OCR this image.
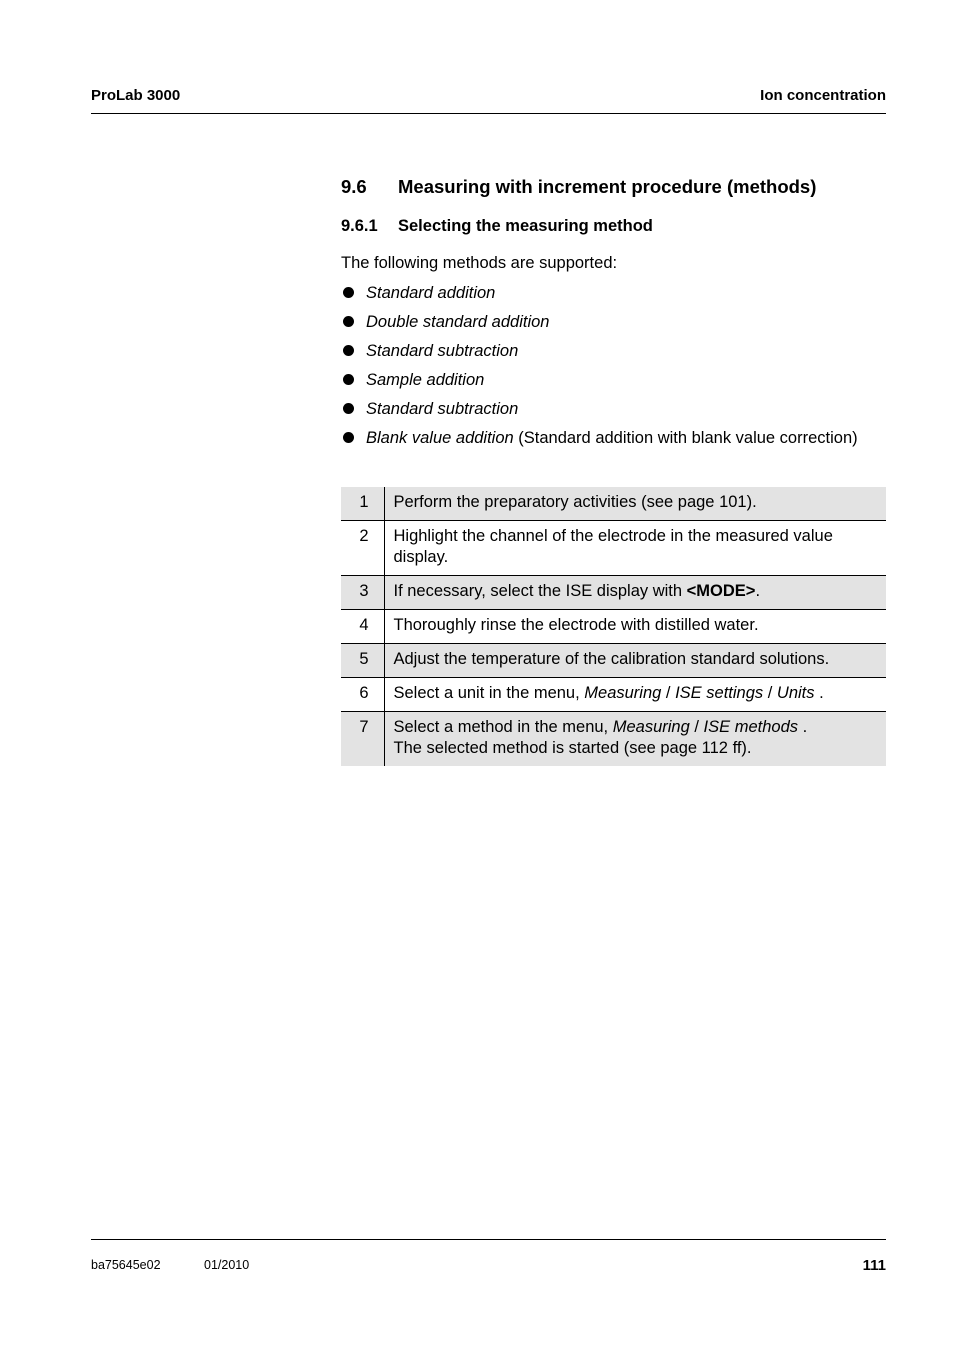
ProLab 3000	Ion concentration
9.6 Measuring with increment procedure (methods)
9.6.1 Selecting the measuring method
The following methods are supported:
Standard addition
Double standard addition
Standard subtraction
Sample addition
Standard subtraction
Blank value addition (Standard addition with blank value correction)
1	Perform the preparatory activities (see page 101).
2	Highlight the channel of the electrode in the measured value display.
3	If necessary, select the ISE display with <MODE>.
4	Thoroughly rinse the electrode with distilled water.
5	Adjust the temperature of the calibration standard solutions.
6	Select a unit in the menu, Measuring / ISE settings / Units .
7	Select a method in the menu, Measuring / ISE methods .
The selected method is started (see page 112 ff).
ba75645e02	01/2010	111
